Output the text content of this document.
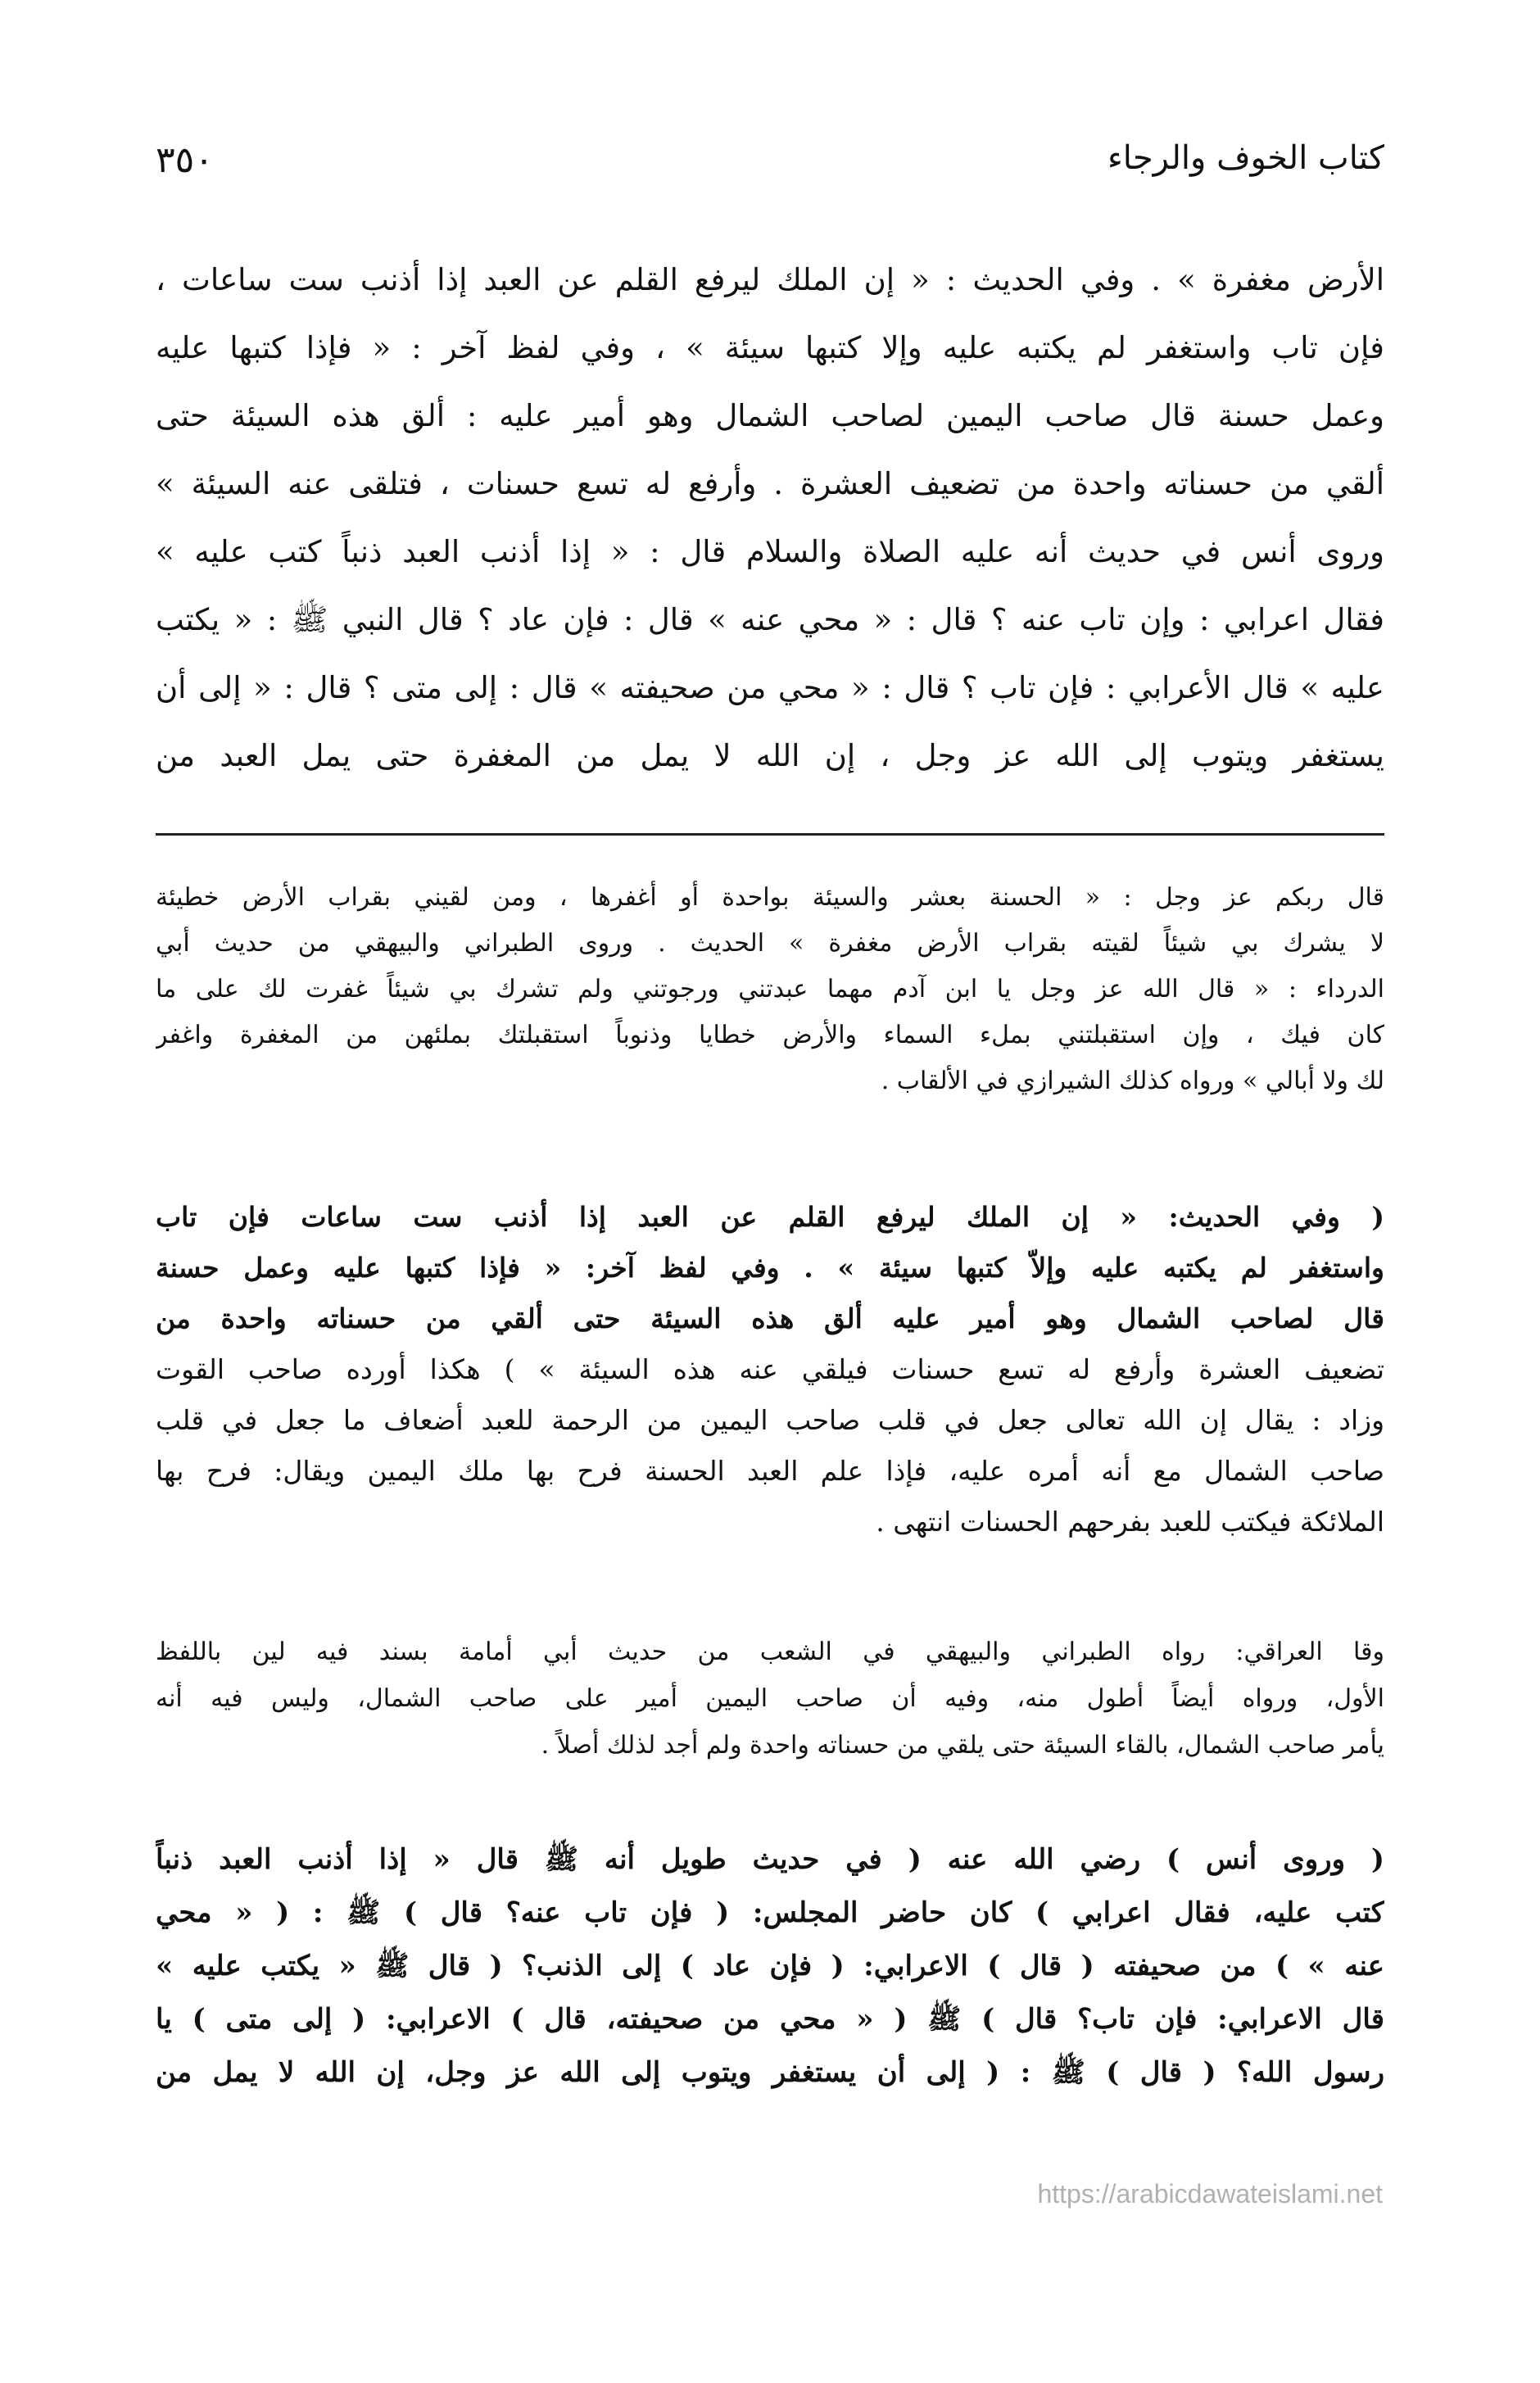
كتاب الخوف والرجاء
٣٥٠
الأرض مغفرة » . وفي الحديث : « إن الملك ليرفع القلم عن العبد إذا أذنب ست ساعات ،
فإن تاب واستغفر لم يكتبه عليه وإلا كتبها سيئة » ، وفي لفظ آخر : « فإذا كتبها عليه
وعمل حسنة قال صاحب اليمين لصاحب الشمال وهو أمير عليه : ألق هذه السيئة حتى
ألقي من حسناته واحدة من تضعيف العشرة . وأرفع له تسع حسنات ، فتلقى عنه السيئة »
وروى أنس في حديث أنه عليه الصلاة والسلام قال : « إذا أذنب العبد ذنباً كتب عليه »
فقال اعرابي : وإن تاب عنه ؟ قال : « محي عنه » قال : فإن عاد ؟ قال النبي ﷺ : « يكتب
عليه » قال الأعرابي : فإن تاب ؟ قال : « محي من صحيفته » قال : إلى متى ؟ قال : « إلى أن
يستغفر ويتوب إلى الله عز وجل ، إن الله لا يمل من المغفرة حتى يمل العبد من
قال ربكم عز وجل : « الحسنة بعشر والسيئة بواحدة أو أغفرها ، ومن لقيني بقراب الأرض خطيئة
لا يشرك بي شيئاً لقيته بقراب الأرض مغفرة » الحديث . وروى الطبراني والبيهقي من حديث أبي
الدرداء : « قال الله عز وجل يا ابن آدم مهما عبدتني ورجوتني ولم تشرك بي شيئاً غفرت لك على ما
كان فيك ، وإن استقبلتني بملء السماء والأرض خطايا وذنوباً استقبلتك بملئهن من المغفرة واغفر
لك ولا أبالي » ورواه كذلك الشيرازي في الألقاب .
( وفي الحديث: « إن الملك ليرفع القلم عن العبد إذا أذنب ست ساعات فإن تاب
واستغفر لم يكتبه عليه وإلاّ كتبها سيئة » . وفي لفظ آخر: « فإذا كتبها عليه وعمل حسنة
قال لصاحب الشمال وهو أمير عليه ألق هذه السيئة حتى ألقي من حسناته واحدة من
تضعيف العشرة وأرفع له تسع حسنات فيلقي عنه هذه السيئة » ) هكذا أورده صاحب القوت
وزاد : يقال إن الله تعالى جعل في قلب صاحب اليمين من الرحمة للعبد أضعاف ما جعل في قلب
صاحب الشمال مع أنه أمره عليه، فإذا علم العبد الحسنة فرح بها ملك اليمين ويقال: فرح بها
الملائكة فيكتب للعبد بفرحهم الحسنات انتهى .
وقا العراقي: رواه الطبراني والبيهقي في الشعب من حديث أبي أمامة بسند فيه لين باللفظ
الأول، ورواه أيضاً أطول منه، وفيه أن صاحب اليمين أمير على صاحب الشمال، وليس فيه أنه
يأمر صاحب الشمال، بالقاء السيئة حتى يلقي من حسناته واحدة ولم أجد لذلك أصلاً .
( وروى أنس ) رضي الله عنه ( في حديث طويل أنه ﷺ قال « إذا أذنب العبد ذنباً
كتب عليه، فقال اعرابي ) كان حاضر المجلس: ( فإن تاب عنه؟ قال ) ﷺ : ( « محي
عنه » ) من صحيفته ( قال ) الاعرابي: ( فإن عاد ) إلى الذنب؟ ( قال ﷺ « يكتب عليه »
قال الاعرابي: فإن تاب؟ قال ) ﷺ ( « محي من صحيفته، قال ) الاعرابي: ( إلى متى ) يا
رسول الله؟ ( قال ) ﷺ : ( إلى أن يستغفر ويتوب إلى الله عز وجل، إن الله لا يمل من
https://arabicdawateislami.net
